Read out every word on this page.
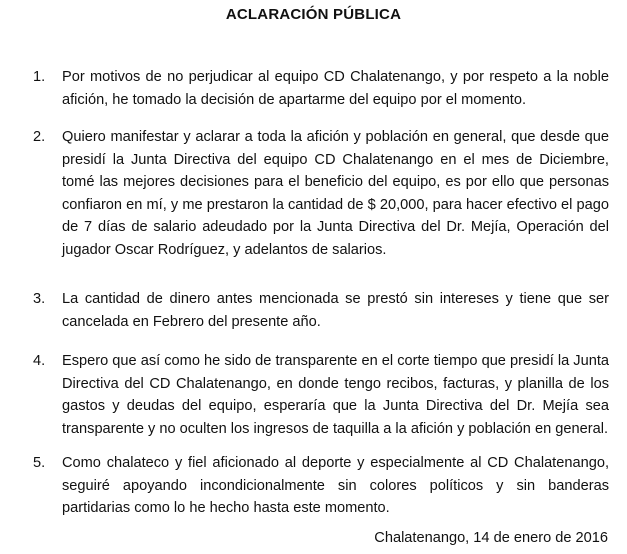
ACLARACIÓN PÚBLICA
1. Por motivos de no perjudicar al equipo CD Chalatenango, y por respeto a la noble afición, he tomado la decisión de apartarme del equipo por el momento.
2. Quiero manifestar y aclarar a toda la afición y población en general, que desde que presidí la Junta Directiva del equipo CD Chalatenango en el mes de Diciembre, tomé las mejores decisiones para el beneficio del equipo, es por ello que personas confiaron en mí, y me prestaron la cantidad de $ 20,000, para hacer efectivo el pago de 7 días de salario adeudado por la Junta Directiva del Dr. Mejía, Operación del jugador Oscar Rodríguez, y adelantos de salarios.
3. La cantidad de dinero antes mencionada se prestó sin intereses y tiene que ser cancelada en Febrero del presente año.
4. Espero que así como he sido de transparente en el corte tiempo que presidí la Junta Directiva del CD Chalatenango, en donde tengo recibos, facturas, y planilla de los gastos y deudas del equipo, esperaría que la Junta Directiva del Dr. Mejía sea transparente y no oculten los ingresos de taquilla a la afición y población en general.
5. Como chalateco y fiel aficionado al deporte y especialmente al CD Chalatenango, seguiré apoyando incondicionalmente sin colores políticos y sin banderas partidarias como lo he hecho hasta este momento.
Chalatenango, 14 de enero de 2016
